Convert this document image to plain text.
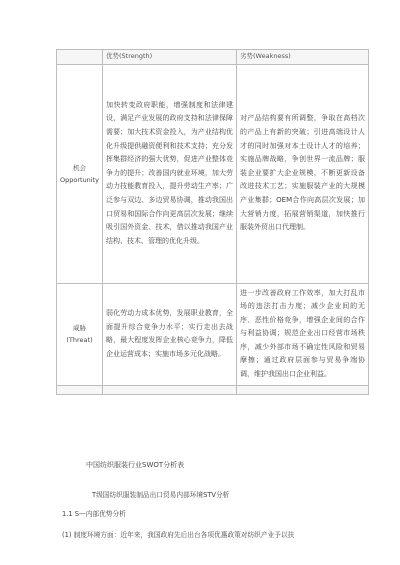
	优势(Strength)	劣势(Weakness)

机会
Opportunity	加快转变政府职能，增强制度和法律建设，满足产业发展的政府支持和法律保障需要；加大技术资金投入，为产业结构优化升级提供融资便利和技术支持；充分发挥集群经济的强大优势，促进产业整体竞争力的提升；改善国内就业环境，加大劳动力技能教育投入，提升劳动生产率；广泛参与双边、多边贸易协调，推动我国出口贸易和国际合作向更高层次发展；继续吸引国外资金、技术，借以推动我国产业结构、技术、管理的优化升级。	对产品结构要有所调整，争取在高档次的产品上有新的突破；引进高端设计人才的同时加强对本土设计人才的培养；实施品牌战略，争创世界一流品牌；服装企业要扩大企业规模，不断更新设备改进技术工艺；实施服装产业的大规模产业集群；OEM合作向高层次发展；加大营销力度，拓展营销渠道，加快推行服装外贸出口代理制。

威胁
(Threat)	弱化劳动力成本优势，发展职业教育，全面提升综合竞争力水平；实行走出去战略，最大程度发挥企业核心竞争力，降低企业运营成本；实施市场多元化战略。	进一步改善政府工作效率，加大打乱市场的违法打击力度；减少企业间的无序、恶性价格竞争，增强企业间的合作与利益协调；规范企业出口经营市场秩序，减少外部市场不确定性风险和贸易摩擦；通过政府层面参与贸易争端协调，维护我国出口企业利益。

中国纺织服装行业SWOT分析表
T级国纺织服装制品出口贸易内部环境STV分析
1.1 S—内部优势分析
(1) 制度环境方面：近年来，我国政府先后出台各项优惠政策对纺织产业予以扶
